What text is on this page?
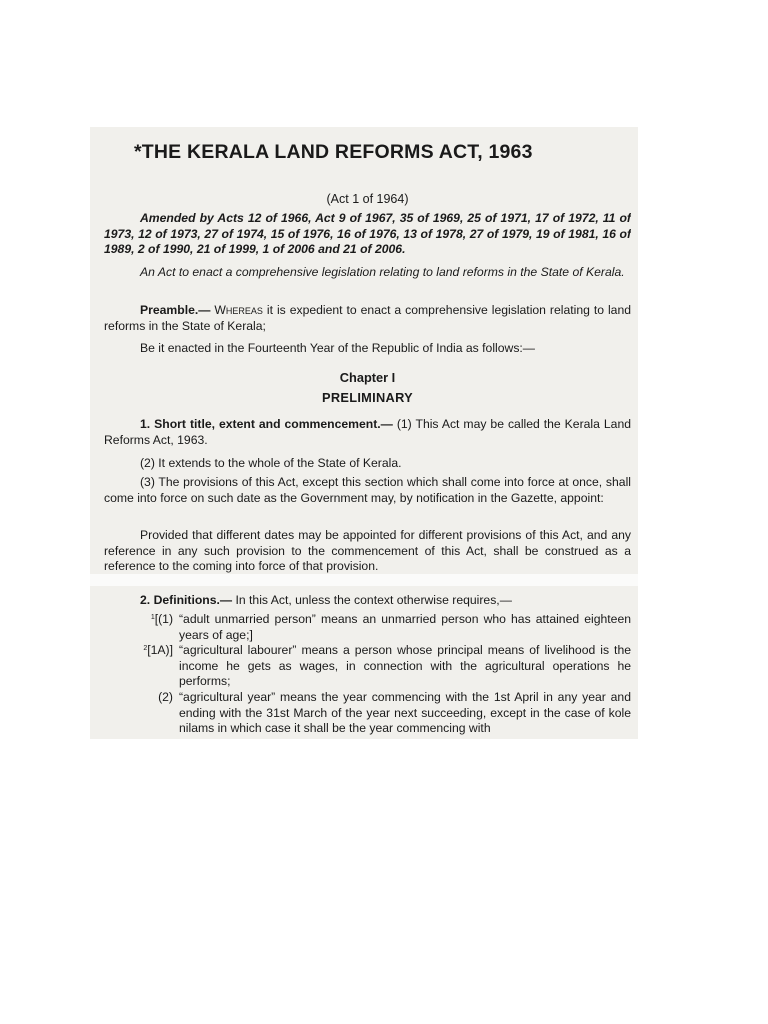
*THE KERALA LAND REFORMS ACT, 1963

(Act 1 of 1964)

Amended by Acts 12 of 1966, Act 9 of 1967, 35 of 1969, 25 of 1971, 17 of 1972, 11 of 1973, 12 of 1973, 27 of 1974, 15 of 1976, 16 of 1976, 13 of 1978, 27 of 1979, 19 of 1981, 16 of 1989, 2 of 1990, 21 of 1999, 1 of 2006 and 21 of 2006.

An Act to enact a comprehensive legislation relating to land reforms in the State of Kerala.

Preamble.— Whereas it is expedient to enact a comprehensive legislation relating to land reforms in the State of Kerala;

Be it enacted in the Fourteenth Year of the Republic of India as follows:—

Chapter I

PRELIMINARY

1. Short title, extent and commencement.— (1) This Act may be called the Kerala Land Reforms Act, 1963.

(2) It extends to the whole of the State of Kerala.

(3) The provisions of this Act, except this section which shall come into force at once, shall come into force on such date as the Government may, by notification in the Gazette, appoint:

Provided that different dates may be appointed for different provisions of this Act, and any reference in any such provision to the commencement of this Act, shall be construed as a reference to the coming into force of that provision.

2. Definitions.— In this Act, unless the context otherwise requires,—

$^1$[(1) “adult unmarried person” means an unmarried person who has attained eighteen years of age;]
$^2$[1A)] “agricultural labourer” means a person whose principal means of livelihood is the income he gets as wages, in connection with the agricultural operations he performs;
(2) “agricultural year” means the year commencing with the 1st April in any year and ending with the 31st March of the year next succeeding, except in the case of kole nilams in which case it shall be the year commencing with
